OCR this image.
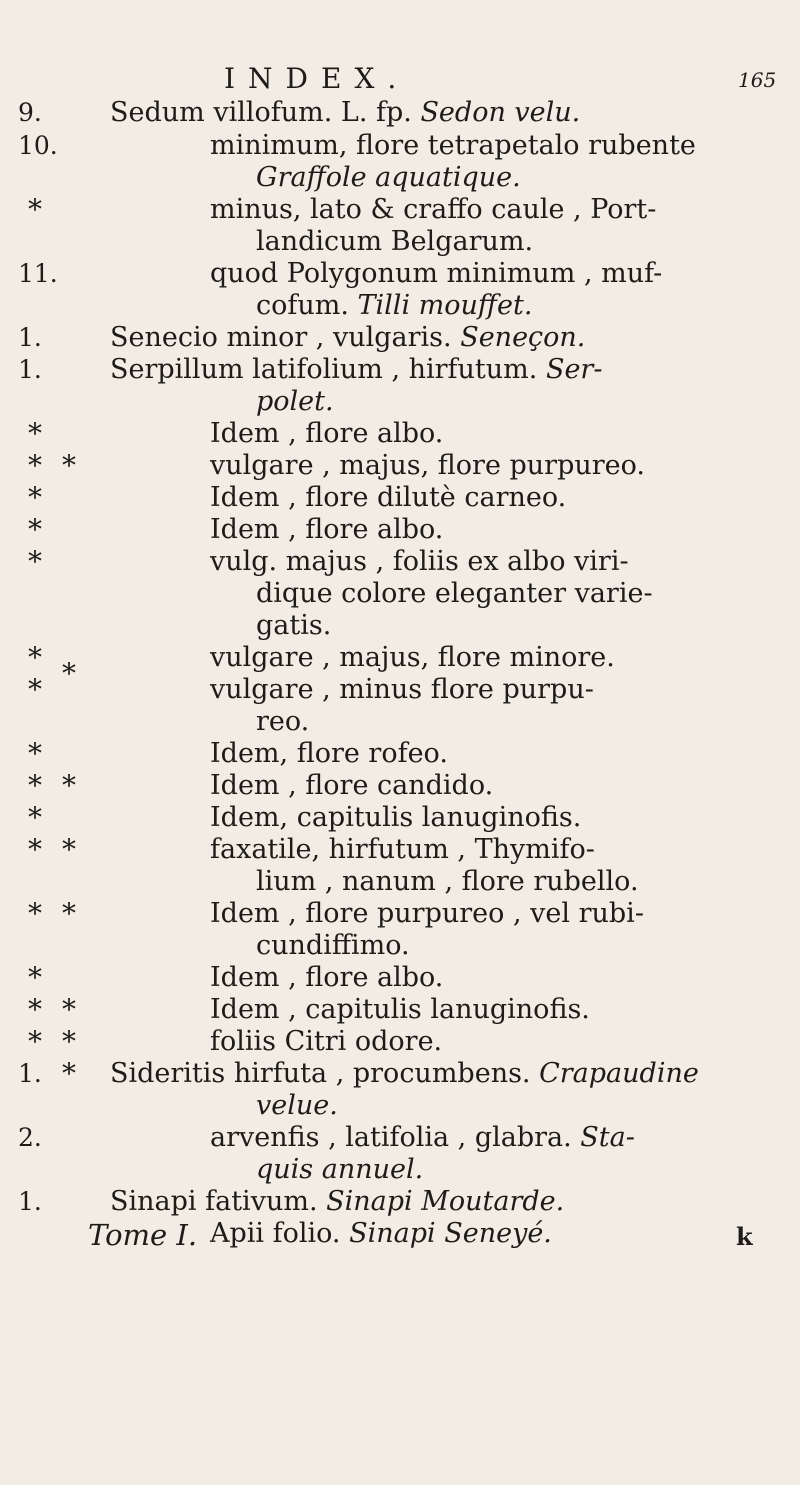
INDEX.	165
Sedum villofum. L. fp. Sedon velu.
9.
minimum, flore tetrapetalo rubente
10.
Graffole aquatique.
minus, lato & craffo caule , Port-
*
landicum Belgarum.
quod Polygonum minimum , muf-
11.
cofum. Tilli mouffet.
Senecio minor , vulgaris. Seneçon.
1.
Serpillum latifolium , hirfutum. Ser-
1.
polet.
Idem , flore albo.
*
vulgare , majus, flore purpureo.
*
Idem , flore dilutè carneo.
*
Idem , flore albo.
*
vulg. majus , foliis ex albo viri-
*
dique colore eleganter varie-
gatis.
vulgare , majus, flore minore.
*
vulgare , minus flore purpu-
*
reo.
Idem, flore rofeo.
*
Idem , flore candido.
*
Idem, capitulis lanuginofis.
*
faxatile, hirfutum , Thymifo-
*
lium , nanum , flore rubello.
Idem , flore purpureo , vel rubi-
*
cundiffimo.
Idem , flore albo.
*
Idem , capitulis lanuginofis.
*
foliis Citri odore.
*
Sideritis hirfuta , procumbens. Crapaudine
1.
velue.
arvenfis , latifolia , glabra. Sta-
2.
quis annuel.
Sinapi fativum. Sinapi Moutarde.
1.
Apii folio. Sinapi Seneyé.
*
*
*
*
*
*
*
*
Tome I.	k
